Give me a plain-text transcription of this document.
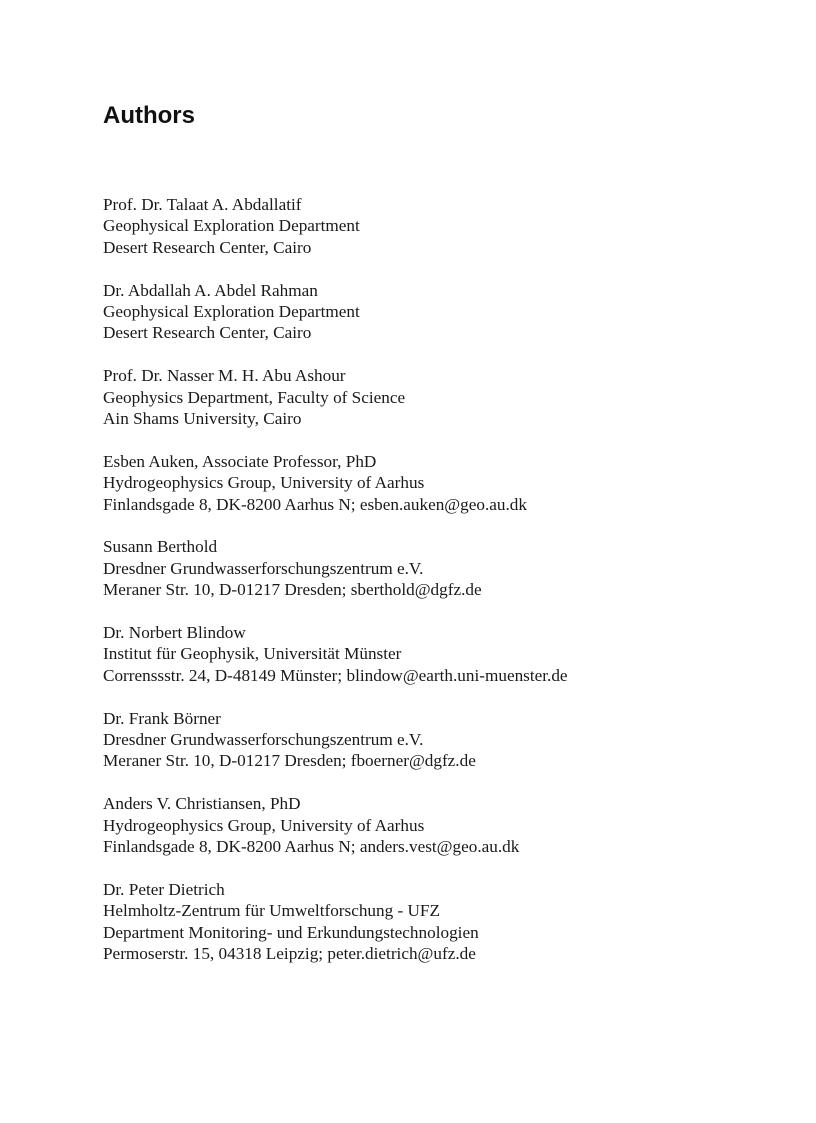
Authors
Prof. Dr. Talaat A. Abdallatif
Geophysical Exploration Department
Desert Research Center, Cairo
Dr. Abdallah A. Abdel Rahman
Geophysical Exploration Department
Desert Research Center, Cairo
Prof. Dr. Nasser M. H. Abu Ashour
Geophysics Department, Faculty of Science
Ain Shams University, Cairo
Esben Auken, Associate Professor, PhD
Hydrogeophysics Group, University of Aarhus
Finlandsgade 8, DK-8200 Aarhus N; esben.auken@geo.au.dk
Susann Berthold
Dresdner Grundwasserforschungszentrum e.V.
Meraner Str. 10, D-01217 Dresden; sberthold@dgfz.de
Dr. Norbert Blindow
Institut für Geophysik, Universität Münster
Correnssstr. 24, D-48149 Münster; blindow@earth.uni-muenster.de
Dr. Frank Börner
Dresdner Grundwasserforschungszentrum e.V.
Meraner Str. 10, D-01217 Dresden; fboerner@dgfz.de
Anders V. Christiansen, PhD
Hydrogeophysics Group, University of Aarhus
Finlandsgade 8, DK-8200 Aarhus N; anders.vest@geo.au.dk
Dr. Peter Dietrich
Helmholtz-Zentrum für Umweltforschung - UFZ
Department Monitoring- und Erkundungstechnologien
Permoserstr. 15, 04318 Leipzig; peter.dietrich@ufz.de
